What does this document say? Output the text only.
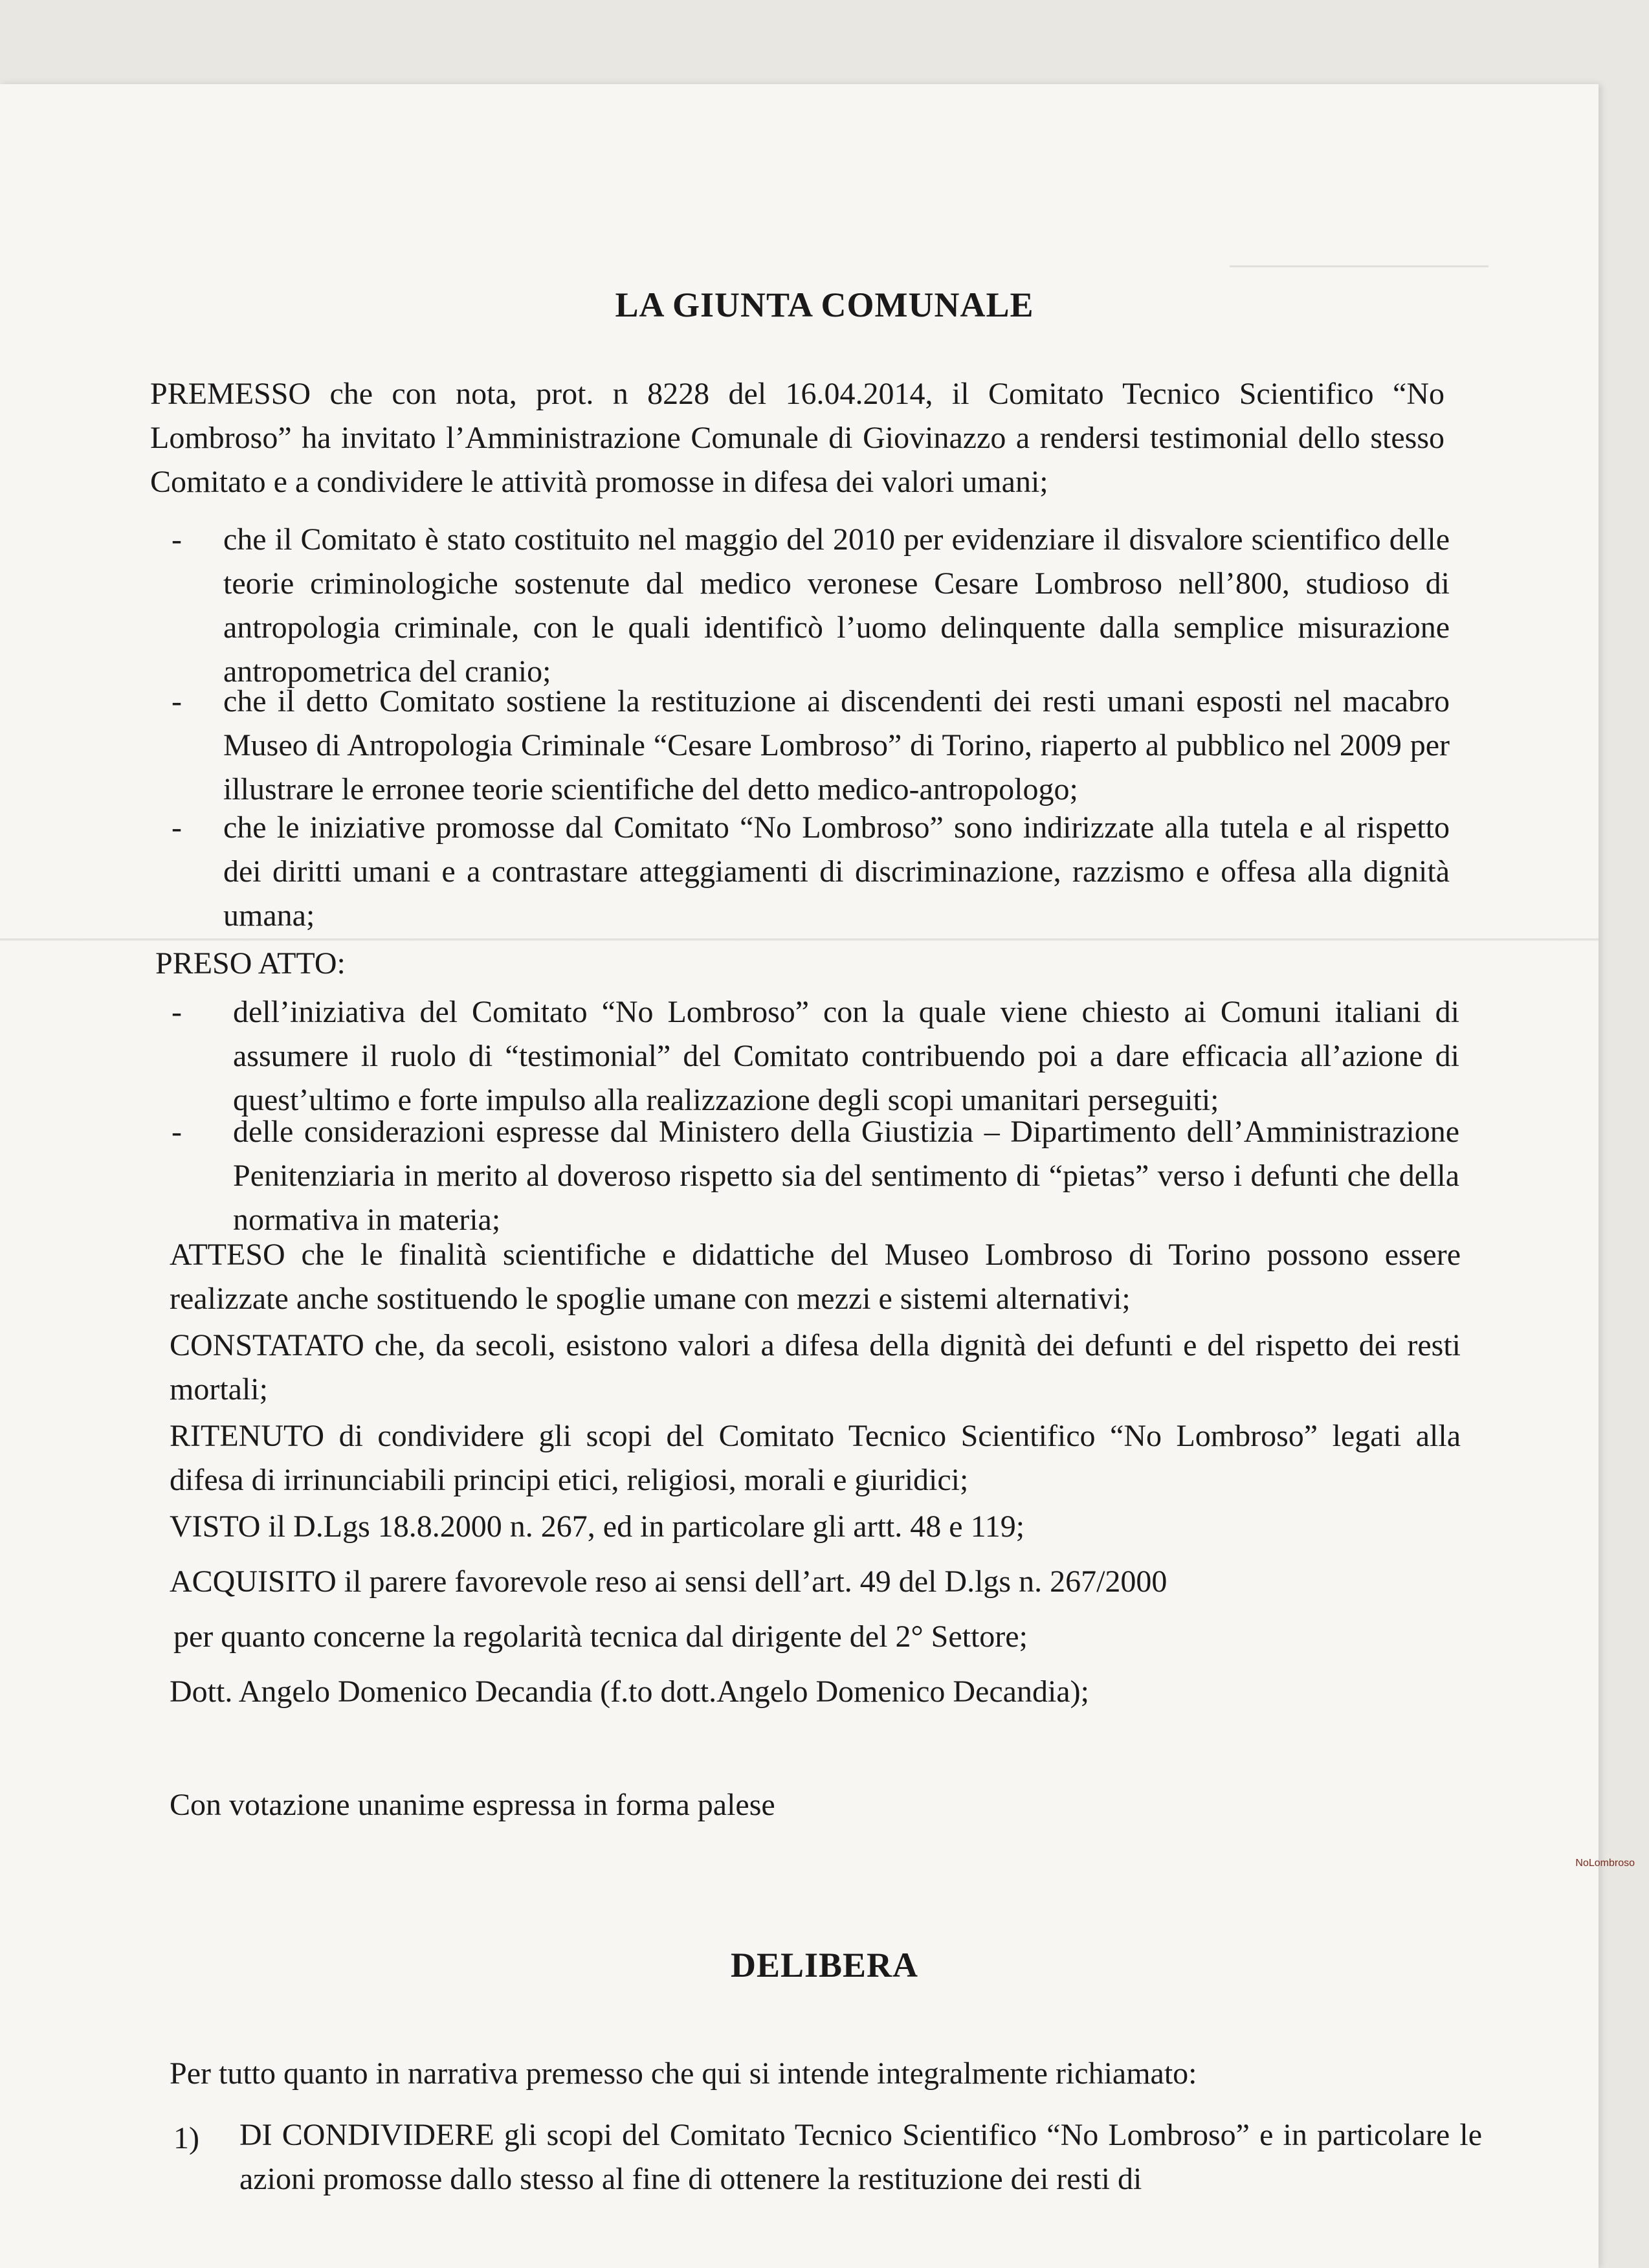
LA GIUNTA COMUNALE
PREMESSO che con nota, prot. n 8228 del 16.04.2014, il Comitato Tecnico Scientifico “No Lombroso” ha invitato l’Amministrazione Comunale di Giovinazzo a rendersi testimonial dello stesso Comitato e a condividere le attività promosse in difesa dei valori umani;
- che il Comitato è stato costituito nel maggio del 2010 per evidenziare il disvalore scientifico delle teorie criminologiche sostenute dal medico veronese Cesare Lombroso nell’800, studioso di antropologia criminale, con le quali identificò l’uomo delinquente dalla semplice misurazione antropometrica del cranio;
- che il detto Comitato sostiene la restituzione ai discendenti dei resti umani esposti nel macabro Museo di Antropologia Criminale “Cesare Lombroso” di Torino, riaperto al pubblico nel 2009 per illustrare le erronee teorie scientifiche del detto medico-antropologo;
- che le iniziative promosse dal Comitato “No Lombroso” sono indirizzate alla tutela e al rispetto dei diritti umani e a contrastare atteggiamenti di discriminazione, razzismo e offesa alla dignità umana;
PRESO ATTO:
- dell’iniziativa del Comitato “No Lombroso” con la quale viene chiesto ai Comuni italiani di assumere il ruolo di “testimonial” del Comitato contribuendo poi a dare efficacia all’azione di quest’ultimo e forte impulso alla realizzazione degli scopi umanitari perseguiti;
- delle considerazioni espresse dal Ministero della Giustizia – Dipartimento dell’Amministrazione Penitenziaria in merito al doveroso rispetto sia del sentimento di “pietas” verso i defunti che della normativa in materia;
ATTESO che le finalità scientifiche e didattiche del Museo Lombroso di Torino possono essere realizzate anche sostituendo le spoglie umane con mezzi e sistemi alternativi;
CONSTATATO che, da secoli, esistono valori a difesa della dignità dei defunti e del rispetto dei resti mortali;
RITENUTO di condividere gli scopi del Comitato Tecnico Scientifico “No Lombroso” legati alla difesa di irrinunciabili principi etici, religiosi, morali e giuridici;
VISTO il D.Lgs 18.8.2000 n. 267, ed in particolare gli artt. 48 e 119;
ACQUISITO il parere favorevole reso ai sensi dell’art. 49 del D.lgs n. 267/2000
per quanto concerne la regolarità tecnica dal dirigente del 2° Settore;
Dott. Angelo Domenico Decandia (f.to dott.Angelo Domenico Decandia);
Con votazione unanime espressa in forma palese
DELIBERA
Per tutto quanto in narrativa premesso che qui si intende integralmente richiamato:
1) DI CONDIVIDERE gli scopi del Comitato Tecnico Scientifico “No Lombroso” e in particolare le azioni promosse dallo stesso al fine di ottenere la restituzione dei resti di
NoLombroso
